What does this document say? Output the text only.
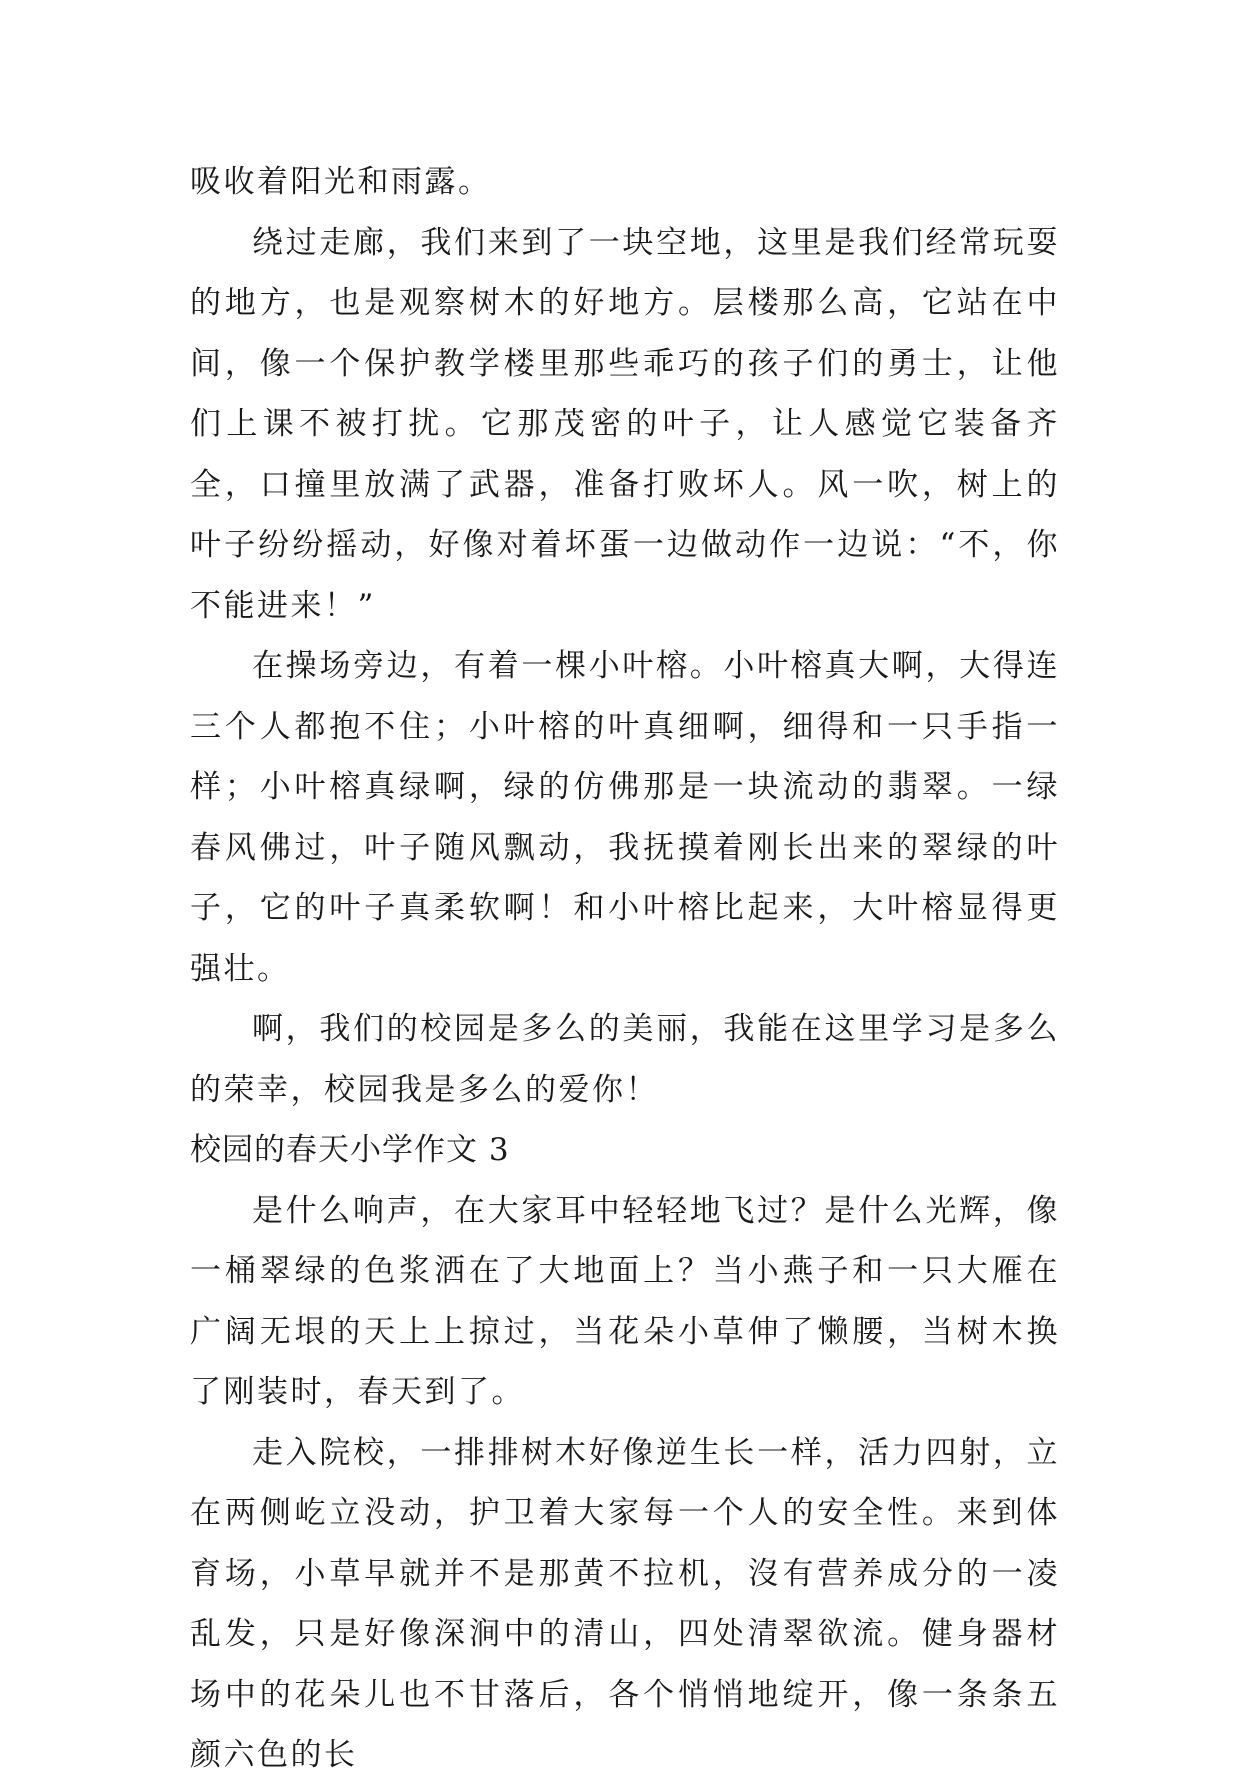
吸收着阳光和雨露。

绕过走廊，我们来到了一块空地，这里是我们经常玩耍的地方，也是观察树木的好地方。层楼那么高，它站在中间，像一个保护教学楼里那些乖巧的孩子们的勇士，让他们上课不被打扰。它那茂密的叶子，让人感觉它装备齐全，口撞里放满了武器，准备打败坏人。风一吹，树上的叶子纷纷摇动，好像对着坏蛋一边做动作一边说：“不，你不能进来！”

在操场旁边，有着一棵小叶榕。小叶榕真大啊，大得连三个人都抱不住；小叶榕的叶真细啊，细得和一只手指一样；小叶榕真绿啊，绿的仿佛那是一块流动的翡翠。一绿春风佛过，叶子随风飘动，我抚摸着刚长出来的翠绿的叶子，它的叶子真柔软啊！和小叶榕比起来，大叶榕显得更强壮。

啊，我们的校园是多么的美丽，我能在这里学习是多么的荣幸，校园我是多么的爱你！

校园的春天小学作文 3

是什么响声，在大家耳中轻轻地飞过？是什么光辉，像一桶翠绿的色浆洒在了大地面上？当小燕子和一只大雁在广阔无垠的天上上掠过，当花朵小草伸了懒腰，当树木换了刚装时，春天到了。

走入院校，一排排树木好像逆生长一样，活力四射，立在两侧屹立没动，护卫着大家每一个人的安全性。来到体育场，小草早就并不是那黄不拉机，沒有营养成分的一凌乱发，只是好像深涧中的清山，四处清翠欲流。健身器材场中的花朵儿也不甘落后，各个悄悄地绽开，像一条条五颜六色的长
